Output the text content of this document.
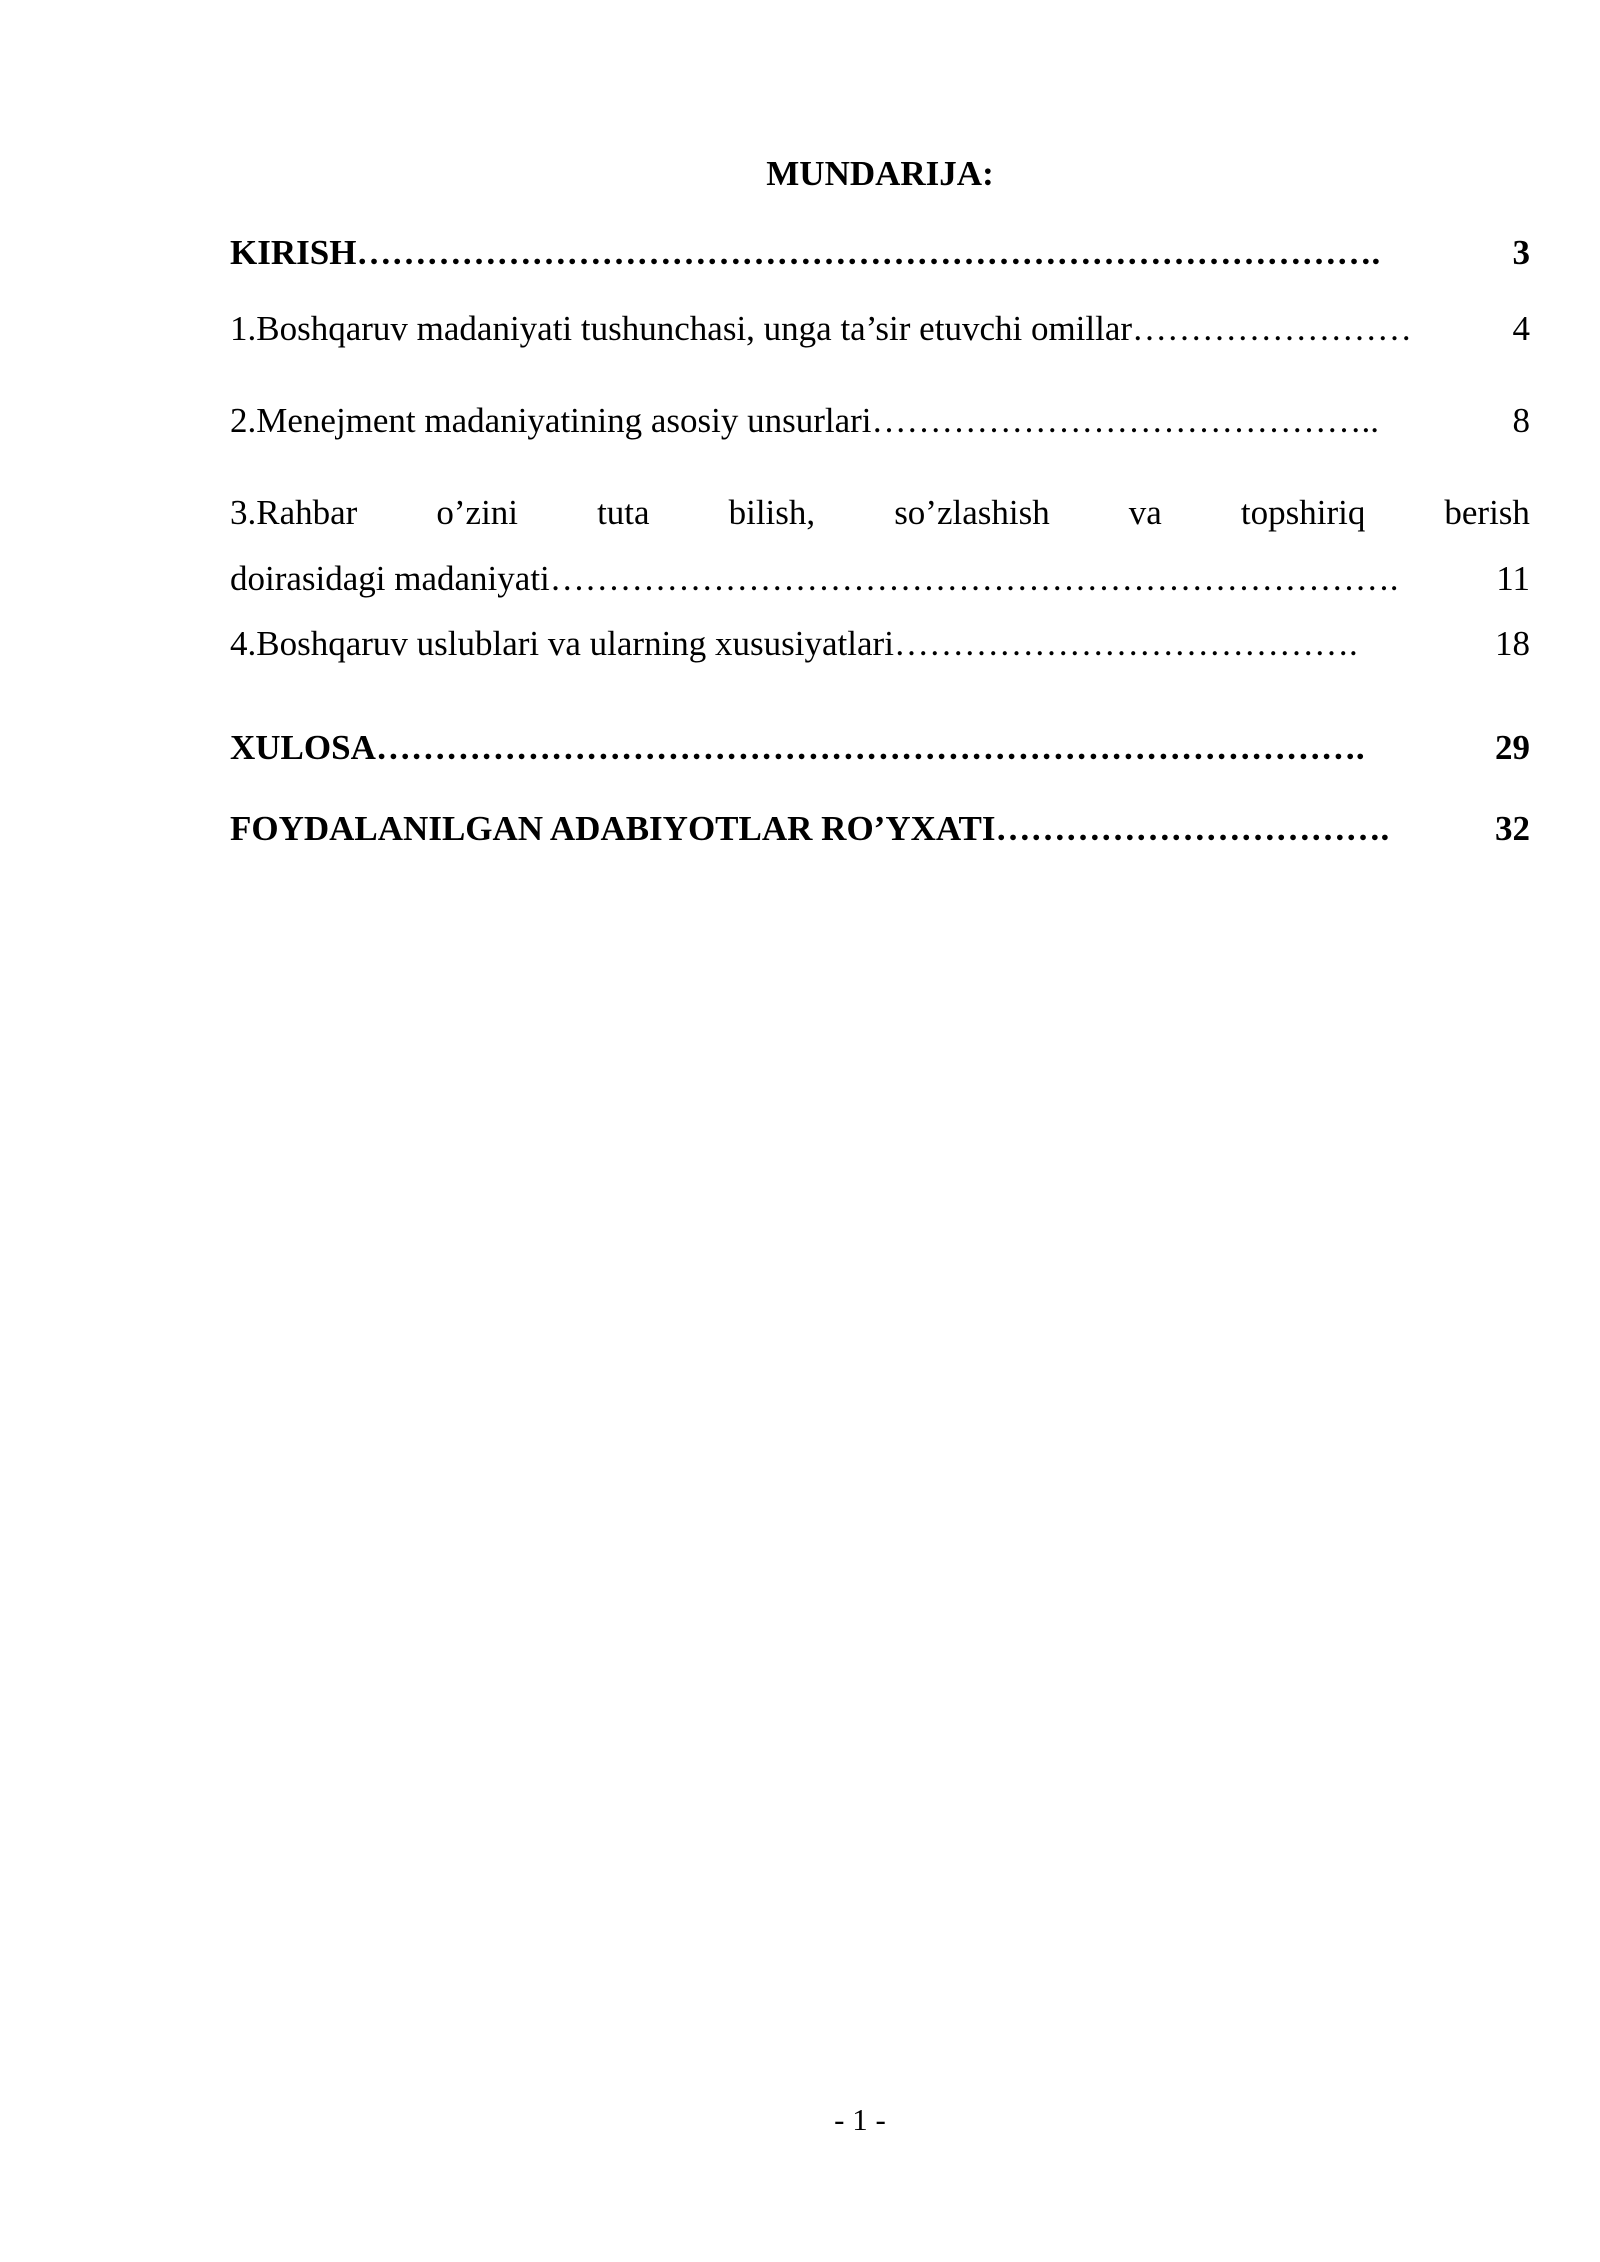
MUNDARIJA:
KIRISH …………………………………………………………………………….	3
1.Boshqaruv madaniyati tushunchasi, unga ta’sir etuvchi omillar ……………………	4
2.Menejment madaniyatining asosiy unsurlari ……………………………………..	8
3.Rahbar o’zini tuta bilish, so’zlashish va topshiriq berish
doirasidagi madaniyati ……………………………………………………………….	11
4.Boshqaruv uslublari va ularning xususiyatlari ………………………………….	18
XULOSA ………………………………………………………………………….	29
FOYDALANILGAN ADABIYOTLAR RO’YXATI …………………………….	32
- 1 -
